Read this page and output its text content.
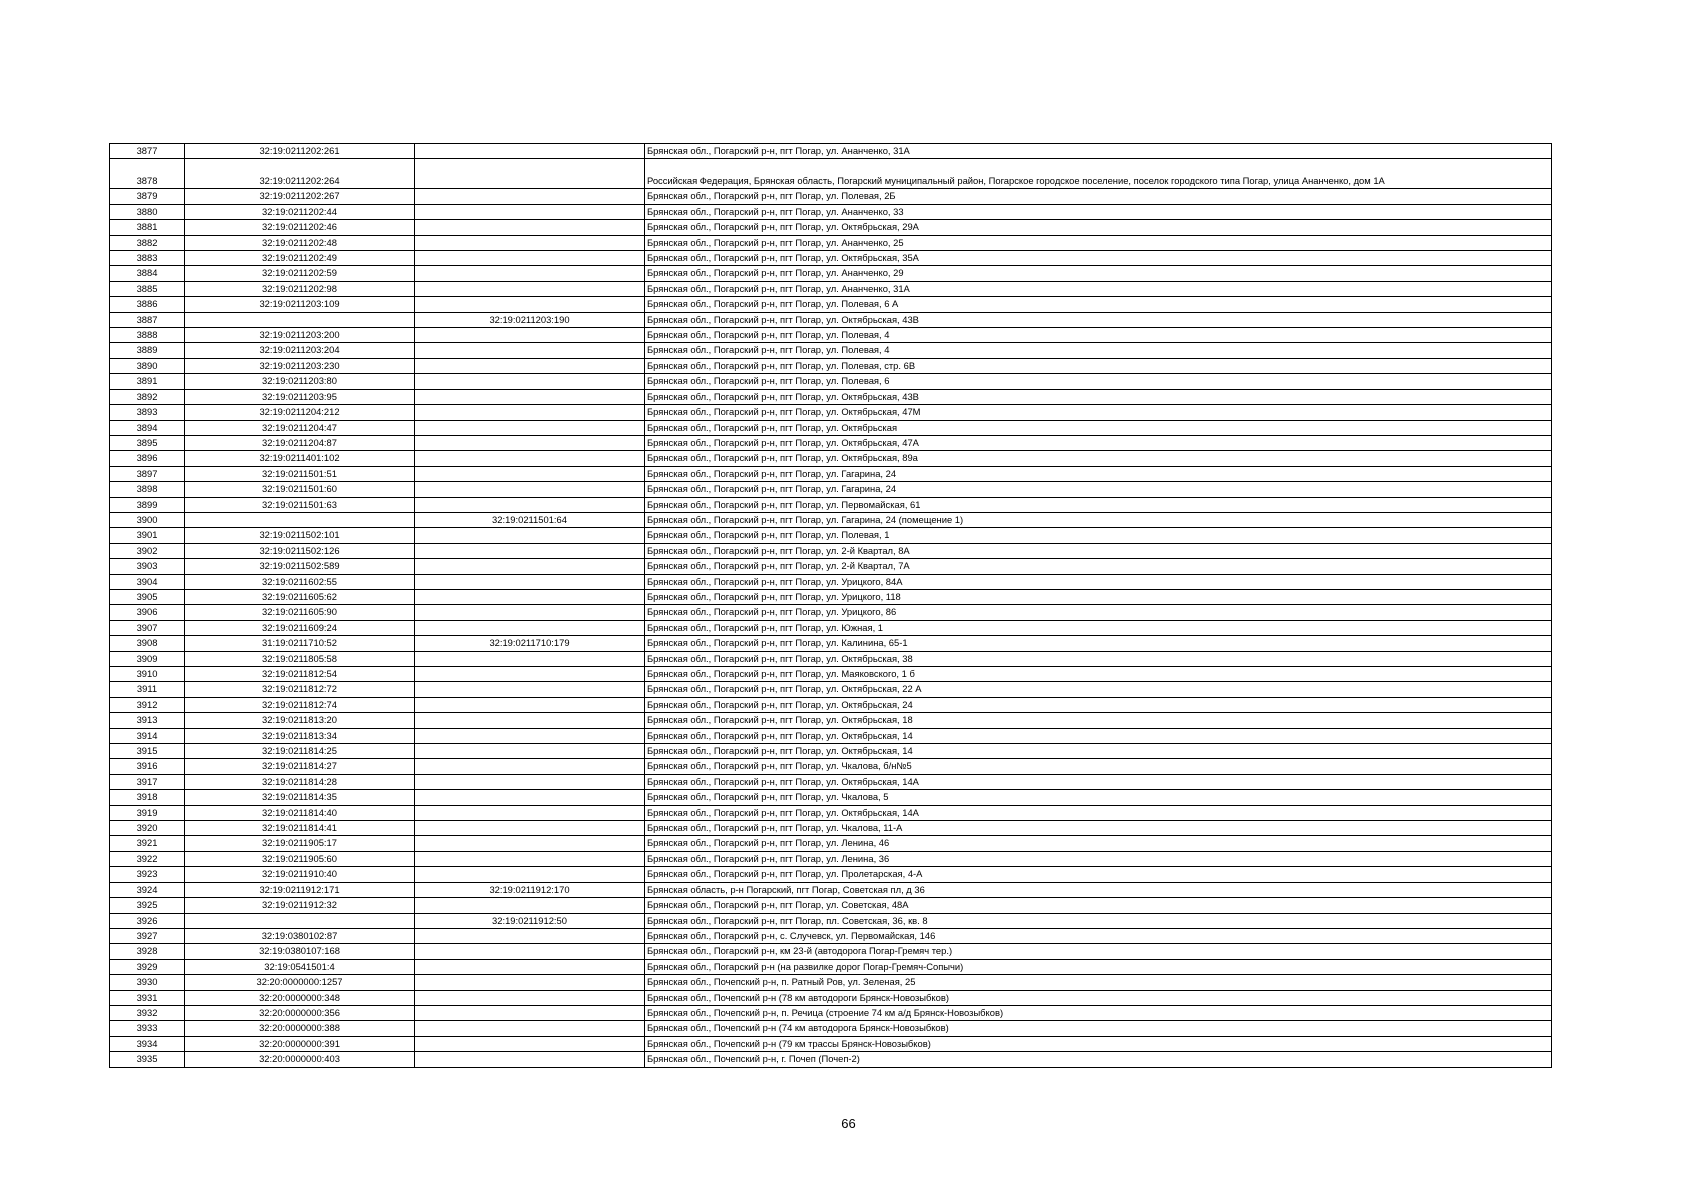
3877	32:19:0211202:261		Брянская обл., Погарский р-н, пгт Погар, ул. Ананченко, 31А
3878	32:19:0211202:264		Российская Федерация, Брянская область, Погарский муниципальный район, Погарское городское поселение, поселок городского типа Погар, улица Ананченко, дом 1А
3879	32:19:0211202:267		Брянская обл., Погарский р-н, пгт Погар, ул. Полевая, 2Б
3880	32:19:0211202:44		Брянская обл., Погарский р-н, пгт Погар, ул. Ананченко, 33
3881	32:19:0211202:46		Брянская обл., Погарский р-н, пгт Погар, ул. Октябрьская, 29А
3882	32:19:0211202:48		Брянская обл., Погарский р-н, пгт Погар, ул. Ананченко, 25
3883	32:19:0211202:49		Брянская обл., Погарский р-н, пгт Погар, ул. Октябрьская, 35А
3884	32:19:0211202:59		Брянская обл., Погарский р-н, пгт Погар, ул. Ананченко, 29
3885	32:19:0211202:98		Брянская обл., Погарский р-н, пгт Погар, ул. Ананченко, 31А
3886	32:19:0211203:109		Брянская обл., Погарский р-н, пгт Погар, ул. Полевая, 6 А
3887		32:19:0211203:190	Брянская обл., Погарский р-н, пгт Погар, ул. Октябрьская, 43В
3888	32:19:0211203:200		Брянская обл., Погарский р-н, пгт Погар, ул. Полевая, 4
3889	32:19:0211203:204		Брянская обл., Погарский р-н, пгт Погар, ул. Полевая, 4
3890	32:19:0211203:230		Брянская обл., Погарский р-н, пгт Погар, ул. Полевая, стр. 6В
3891	32:19:0211203:80		Брянская обл., Погарский р-н, пгт Погар, ул. Полевая, 6
3892	32:19:0211203:95		Брянская обл., Погарский р-н, пгт Погар, ул. Октябрьская, 43В
3893	32:19:0211204:212		Брянская обл., Погарский р-н, пгт Погар, ул. Октябрьская, 47М
3894	32:19:0211204:47		Брянская обл., Погарский р-н, пгт Погар, ул. Октябрьская
3895	32:19:0211204:87		Брянская обл., Погарский р-н, пгт Погар, ул. Октябрьская, 47А
3896	32:19:0211401:102		Брянская обл., Погарский р-н, пгт Погар, ул. Октябрьская, 89а
3897	32:19:0211501:51		Брянская обл., Погарский р-н, пгт Погар, ул. Гагарина, 24
3898	32:19:0211501:60		Брянская обл., Погарский р-н, пгт Погар, ул. Гагарина, 24
3899	32:19:0211501:63		Брянская обл., Погарский р-н, пгт Погар, ул. Первомайская, 61
3900		32:19:0211501:64	Брянская обл., Погарский р-н, пгт Погар, ул. Гагарина, 24 (помещение 1)
3901	32:19:0211502:101		Брянская обл., Погарский р-н, пгт Погар, ул. Полевая, 1
3902	32:19:0211502:126		Брянская обл., Погарский р-н, пгт Погар, ул. 2-й Квартал, 8А
3903	32:19:0211502:589		Брянская обл., Погарский р-н, пгт Погар, ул. 2-й Квартал, 7А
3904	32:19:0211602:55		Брянская обл., Погарский р-н, пгт Погар, ул. Урицкого, 84А
3905	32:19:0211605:62		Брянская обл., Погарский р-н, пгт Погар, ул. Урицкого, 118
3906	32:19:0211605:90		Брянская обл., Погарский р-н, пгт Погар, ул. Урицкого, 86
3907	32:19:0211609:24		Брянская обл., Погарский р-н, пгт Погар, ул. Южная, 1
3908	31:19:0211710:52	32:19:0211710:179	Брянская обл., Погарский р-н, пгт Погар, ул. Калинина, 65-1
3909	32:19:0211805:58		Брянская обл., Погарский р-н, пгт Погар, ул. Октябрьская, 38
3910	32:19:0211812:54		Брянская обл., Погарский р-н, пгт Погар, ул. Маяковского, 1 б
3911	32:19:0211812:72		Брянская обл., Погарский р-н, пгт Погар, ул. Октябрьская, 22 А
3912	32:19:0211812:74		Брянская обл., Погарский р-н, пгт Погар, ул. Октябрьская, 24
3913	32:19:0211813:20		Брянская обл., Погарский р-н, пгт Погар, ул. Октябрьская, 18
3914	32:19:0211813:34		Брянская обл., Погарский р-н, пгт Погар, ул. Октябрьская, 14
3915	32:19:0211814:25		Брянская обл., Погарский р-н, пгт Погар, ул. Октябрьская, 14
3916	32:19:0211814:27		Брянская обл., Погарский р-н, пгт Погар, ул. Чкалова, б/н№5
3917	32:19:0211814:28		Брянская обл., Погарский р-н, пгт Погар, ул. Октябрьская, 14А
3918	32:19:0211814:35		Брянская обл., Погарский р-н, пгт Погар, ул. Чкалова, 5
3919	32:19:0211814:40		Брянская обл., Погарский р-н, пгт Погар, ул. Октябрьская, 14А
3920	32:19:0211814:41		Брянская обл., Погарский р-н, пгт Погар, ул. Чкалова, 11-А
3921	32:19:0211905:17		Брянская обл., Погарский р-н, пгт Погар, ул. Ленина, 46
3922	32:19:0211905:60		Брянская обл., Погарский р-н, пгт Погар, ул. Ленина, 36
3923	32:19:0211910:40		Брянская обл., Погарский р-н, пгт Погар, ул. Пролетарская, 4-А
3924	32:19:0211912:171	32:19:0211912:170	Брянская область, р-н Погарский, пгт Погар, Советская пл, д 36
3925	32:19:0211912:32		Брянская обл., Погарский р-н, пгт Погар, ул. Советская, 48А
3926		32:19:0211912:50	Брянская обл., Погарский р-н, пгт Погар, пл. Советская, 36, кв. 8
3927	32:19:0380102:87		Брянская обл., Погарский р-н, с. Случевск, ул. Первомайская, 146
3928	32:19:0380107:168		Брянская обл., Погарский р-н, км 23-й (автодорога Погар-Гремяч тер.)
3929	32:19:0541501:4		Брянская обл., Погарский р-н (на развилке дорог Погар-Гремяч-Сопычи)
3930	32:20:0000000:1257		Брянская обл., Почепский р-н, п. Ратный Ров, ул. Зеленая, 25
3931	32:20:0000000:348		Брянская обл., Почепский р-н (78 км автодороги Брянск-Новозыбков)
3932	32:20:0000000:356		Брянская обл., Почепский р-н, п. Речица (строение 74 км а/д Брянск-Новозыбков)
3933	32:20:0000000:388		Брянская обл., Почепский р-н (74 км автодорога Брянск-Новозыбков)
3934	32:20:0000000:391		Брянская обл., Почепский р-н (79 км трассы Брянск-Новозыбков)
3935	32:20:0000000:403		Брянская обл., Почепский р-н, г. Почеп (Почеп-2)
66
